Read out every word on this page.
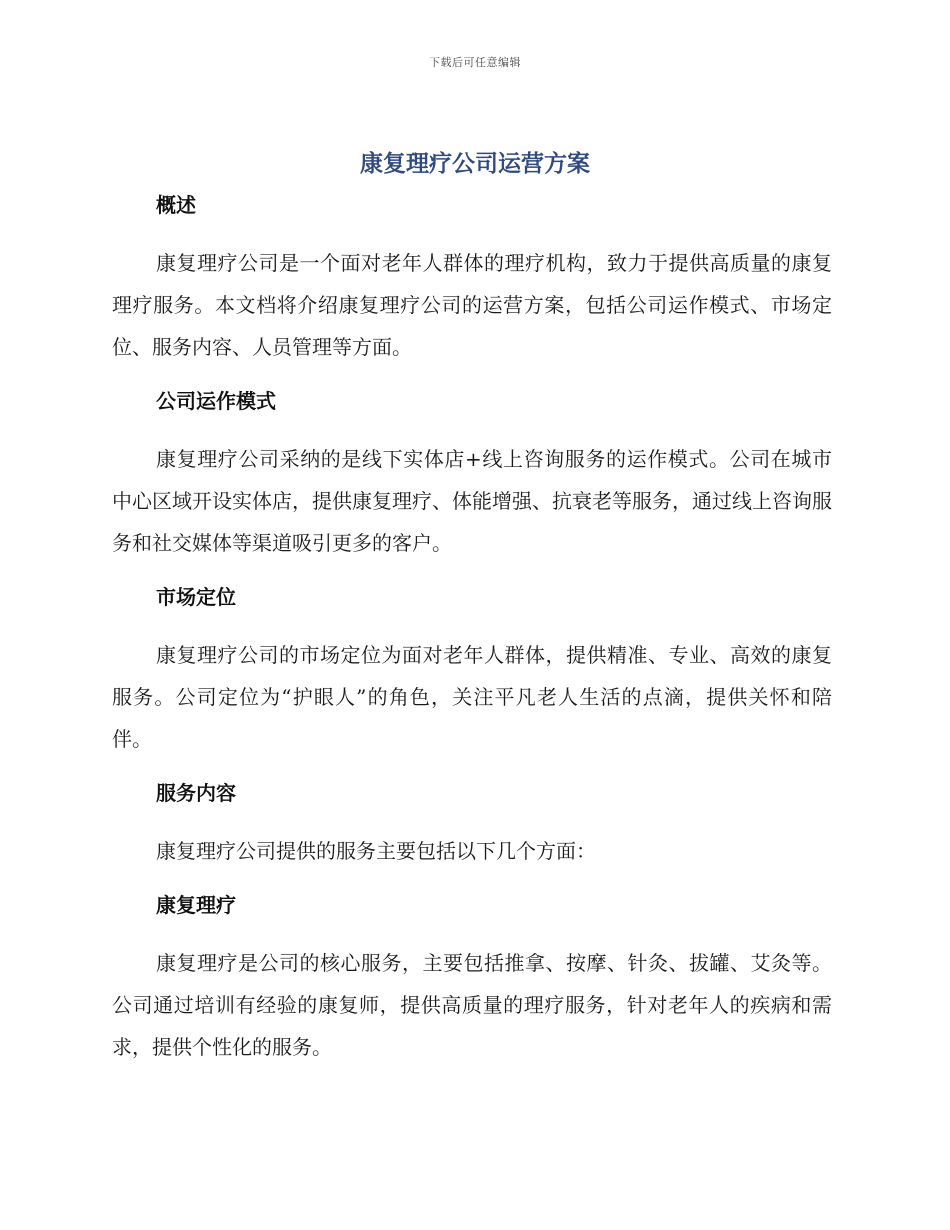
下载后可任意编辑
康复理疗公司运营方案
概述

康复理疗公司是一个面对老年人群体的理疗机构，致力于提供高质量的康复理疗服务。本文档将介绍康复理疗公司的运营方案，包括公司运作模式、市场定位、服务内容、人员管理等方面。

公司运作模式

康复理疗公司采纳的是线下实体店+线上咨询服务的运作模式。公司在城市中心区域开设实体店，提供康复理疗、体能增强、抗衰老等服务，通过线上咨询服务和社交媒体等渠道吸引更多的客户。

市场定位

康复理疗公司的市场定位为面对老年人群体，提供精准、专业、高效的康复服务。公司定位为“护眼人”的角色，关注平凡老人生活的点滴，提供关怀和陪伴。

服务内容

康复理疗公司提供的服务主要包括以下几个方面：

康复理疗

康复理疗是公司的核心服务，主要包括推拿、按摩、针灸、拔罐、艾灸等。公司通过培训有经验的康复师，提供高质量的理疗服务，针对老年人的疾病和需求，提供个性化的服务。
